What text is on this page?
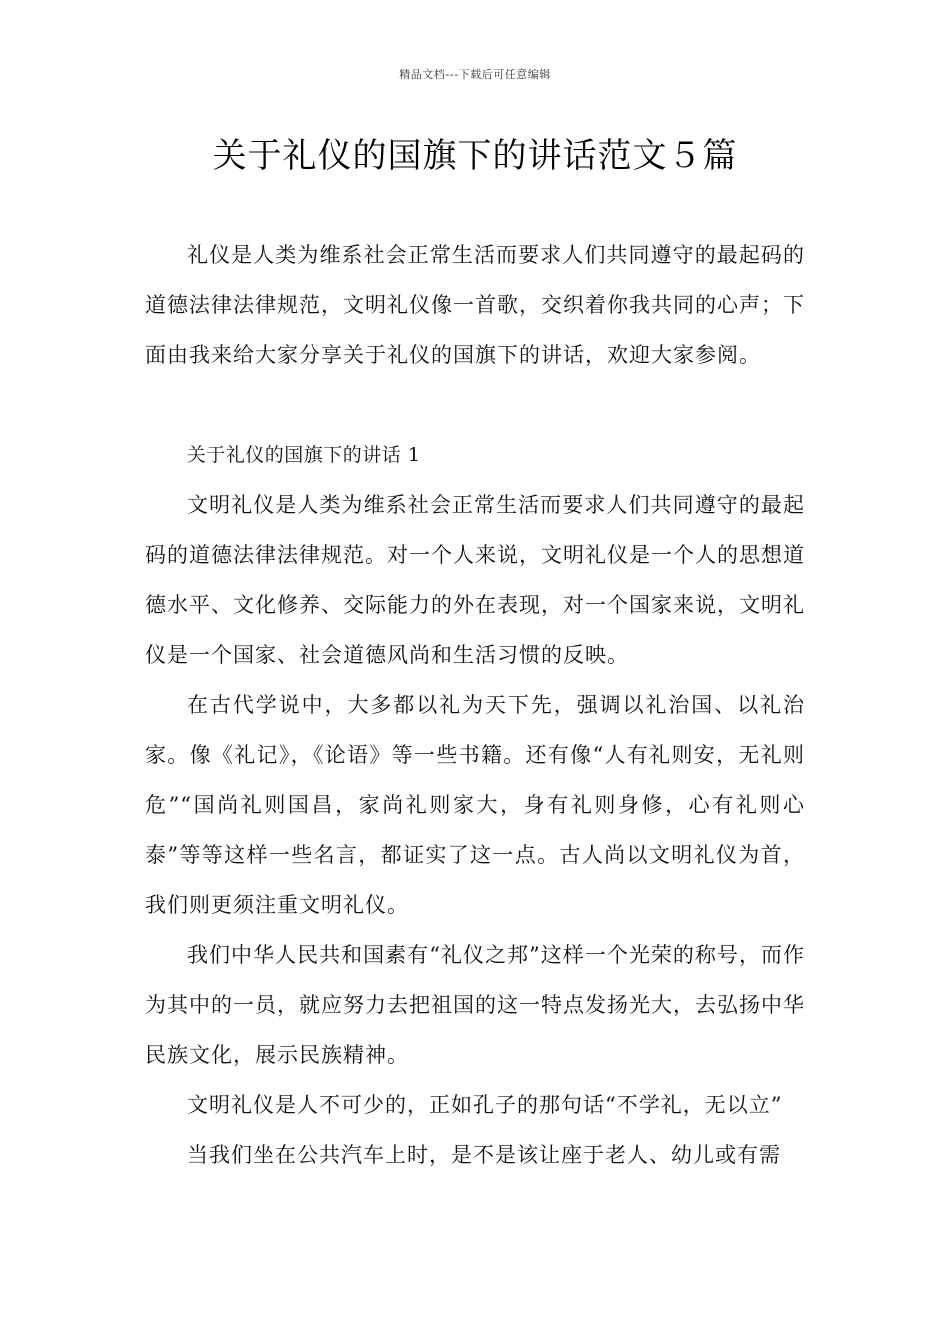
精品文档---下载后可任意编辑
关于礼仪的国旗下的讲话范文５篇

礼仪是人类为维系社会正常生活而要求人们共同遵守的最起码的道德法律法律规范，文明礼仪像一首歌，交织着你我共同的心声；下面由我来给大家分享关于礼仪的国旗下的讲话，欢迎大家参阅。

关于礼仪的国旗下的讲话 1

文明礼仪是人类为维系社会正常生活而要求人们共同遵守的最起码的道德法律法律规范。对一个人来说，文明礼仪是一个人的思想道德水平、文化修养、交际能力的外在表现，对一个国家来说，文明礼仪是一个国家、社会道德风尚和生活习惯的反映。

在古代学说中，大多都以礼为天下先，强调以礼治国、以礼治家。像《礼记》，《论语》等一些书籍。还有像“人有礼则安，无礼则危”“国尚礼则国昌，家尚礼则家大，身有礼则身修，心有礼则心泰”等等这样一些名言，都证实了这一点。古人尚以文明礼仪为首，我们则更须注重文明礼仪。

我们中华人民共和国素有“礼仪之邦”这样一个光荣的称号，而作为其中的一员，就应努力去把祖国的这一特点发扬光大，去弘扬中华民族文化，展示民族精神。

文明礼仪是人不可少的，正如孔子的那句话“不学礼，无以立”

当我们坐在公共汽车上时，是不是该让座于老人、幼儿或有需
